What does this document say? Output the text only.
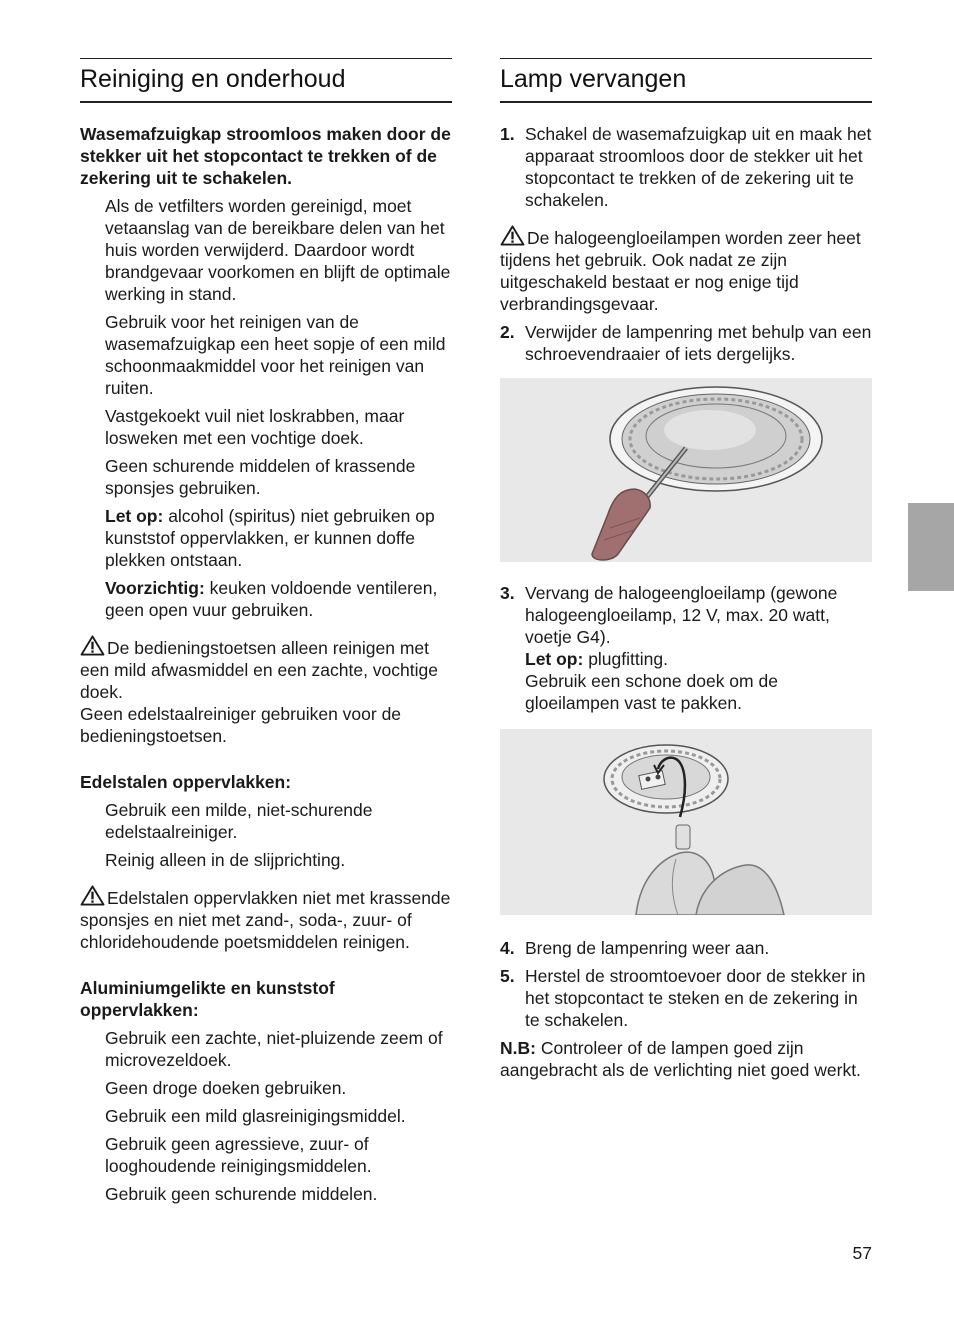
Reiniging en onderhoud

Wasemafzuigkap stroomloos maken door de stekker uit het stopcontact te trekken of de zekering uit te schakelen.

Als de vetfilters worden gereinigd, moet vetaanslag van de bereikbare delen van het huis worden verwijderd. Daardoor wordt brandgevaar voorkomen en blijft de optimale werking in stand.

Gebruik voor het reinigen van de wasemafzuigkap een heet sopje of een mild schoonmaakmiddel voor het reinigen van ruiten.

Vastgekoekt vuil niet loskrabben, maar losweken met een vochtige doek.

Geen schurende middelen of krassende sponsjes gebruiken.

Let op: alcohol (spiritus) niet gebruiken op kunststof oppervlakken, er kunnen doffe plekken ontstaan.

Voorzichtig: keuken voldoende ventileren, geen open vuur gebruiken.

De bedieningstoetsen alleen reinigen met een mild afwasmiddel en een zachte, vochtige doek.

Geen edelstaalreiniger gebruiken voor de bedieningstoetsen.

Edelstalen oppervlakken:

Gebruik een milde, niet-schurende edelstaalreiniger.

Reinig alleen in de slijprichting.

Edelstalen oppervlakken niet met krassende sponsjes en niet met zand-, soda-, zuur- of chloridehoudende poetsmiddelen reinigen.

Aluminiumgelikte en kunststof oppervlakken:

Gebruik een zachte, niet-pluizende zeem of microvezeldoek.

Geen droge doeken gebruiken.

Gebruik een mild glasreinigingsmiddel.

Gebruik geen agressieve, zuur- of looghoudende reinigingsmiddelen.

Gebruik geen schurende middelen.

Lamp vervangen
1. Schakel de wasemafzuigkap uit en maak het apparaat stroomloos door de stekker uit het stopcontact te trekken of de zekering uit te schakelen.

De halogeengloeilampen worden zeer heet tijdens het gebruik. Ook nadat ze zijn uitgeschakeld bestaat er nog enige tijd verbrandingsgevaar.

2. Verwijder de lampenring met behulp van een schroevendraaier of iets dergelijks.
3. Vervang de halogeengloeilamp (gewone halogeengloeilamp, 12 V, max. 20 watt, voetje G4).
Let op: plugfitting.
Gebruik een schone doek om de gloeilampen vast te pakken.
4. Breng de lampenring weer aan.
5. Herstel de stroomtoevoer door de stekker in het stopcontact te steken en de zekering in te schakelen.

N.B: Controleer of de lampen goed zijn aangebracht als de verlichting niet goed werkt.

57
